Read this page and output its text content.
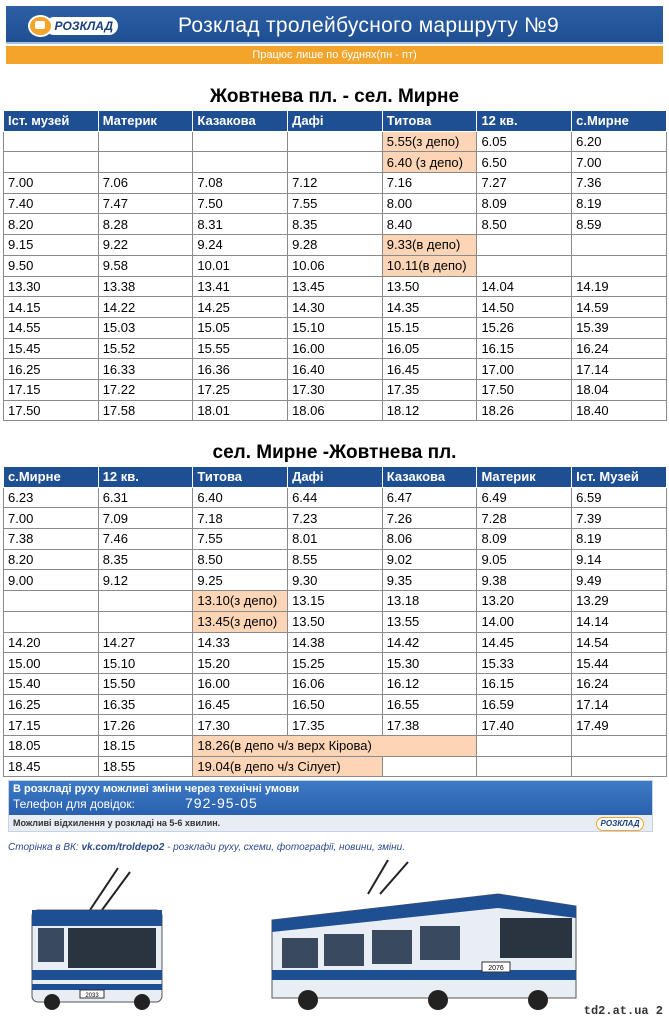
РОЗКЛАД	Розклад тролейбусного маршруту №9
Працює лише по буднях(пн - пт)
Жовтнева пл. - сел. Мирне
Іст. музей	Материк	Казакова	Дафі	Титова	12 кв.	с.Мирне
				5.55(з депо)	6.05	6.20
				6.40 (з депо)	6.50	7.00
7.00	7.06	7.08	7.12	7.16	7.27	7.36
7.40	7.47	7.50	7.55	8.00	8.09	8.19
8.20	8.28	8.31	8.35	8.40	8.50	8.59
9.15	9.22	9.24	9.28	9.33(в депо)		
9.50	9.58	10.01	10.06	10.11(в депо)		
13.30	13.38	13.41	13.45	13.50	14.04	14.19
14.15	14.22	14.25	14.30	14.35	14.50	14.59
14.55	15.03	15.05	15.10	15.15	15.26	15.39
15.45	15.52	15.55	16.00	16.05	16.15	16.24
16.25	16.33	16.36	16.40	16.45	17.00	17.14
17.15	17.22	17.25	17.30	17.35	17.50	18.04
17.50	17.58	18.01	18.06	18.12	18.26	18.40
сел. Мирне -Жовтнева пл.
с.Мирне	12 кв.	Титова	Дафі	Казакова	Материк	Іст. Музей
6.23	6.31	6.40	6.44	6.47	6.49	6.59
7.00	7.09	7.18	7.23	7.26	7.28	7.39
7.38	7.46	7.55	8.01	8.06	8.09	8.19
8.20	8.35	8.50	8.55	9.02	9.05	9.14
9.00	9.12	9.25	9.30	9.35	9.38	9.49
		13.10(з депо)	13.15	13.18	13.20	13.29
		13.45(з депо)	13.50	13.55	14.00	14.14
14.20	14.27	14.33	14.38	14.42	14.45	14.54
15.00	15.10	15.20	15.25	15.30	15.33	15.44
15.40	15.50	16.00	16.06	16.12	16.15	16.24
16.25	16.35	16.45	16.50	16.55	16.59	17.14
17.15	17.26	17.30	17.35	17.38	17.40	17.49
18.05	18.15	18.26(в депо ч/з верх Кірова)				
18.45	18.55	19.04(в депо ч/з Сілует)				
В розкладі руху можливі зміни через технічні умови
Телефон для довідок:	792-95-05
Можливі відхилення у розкладі на 5-6 хвилин.	РОЗКЛАД
Сторінка в ВК: vk.com/troldepo2 - розклади руху, схеми, фотографії, новини, зміни.
2033
2076
td2.at.ua 2
